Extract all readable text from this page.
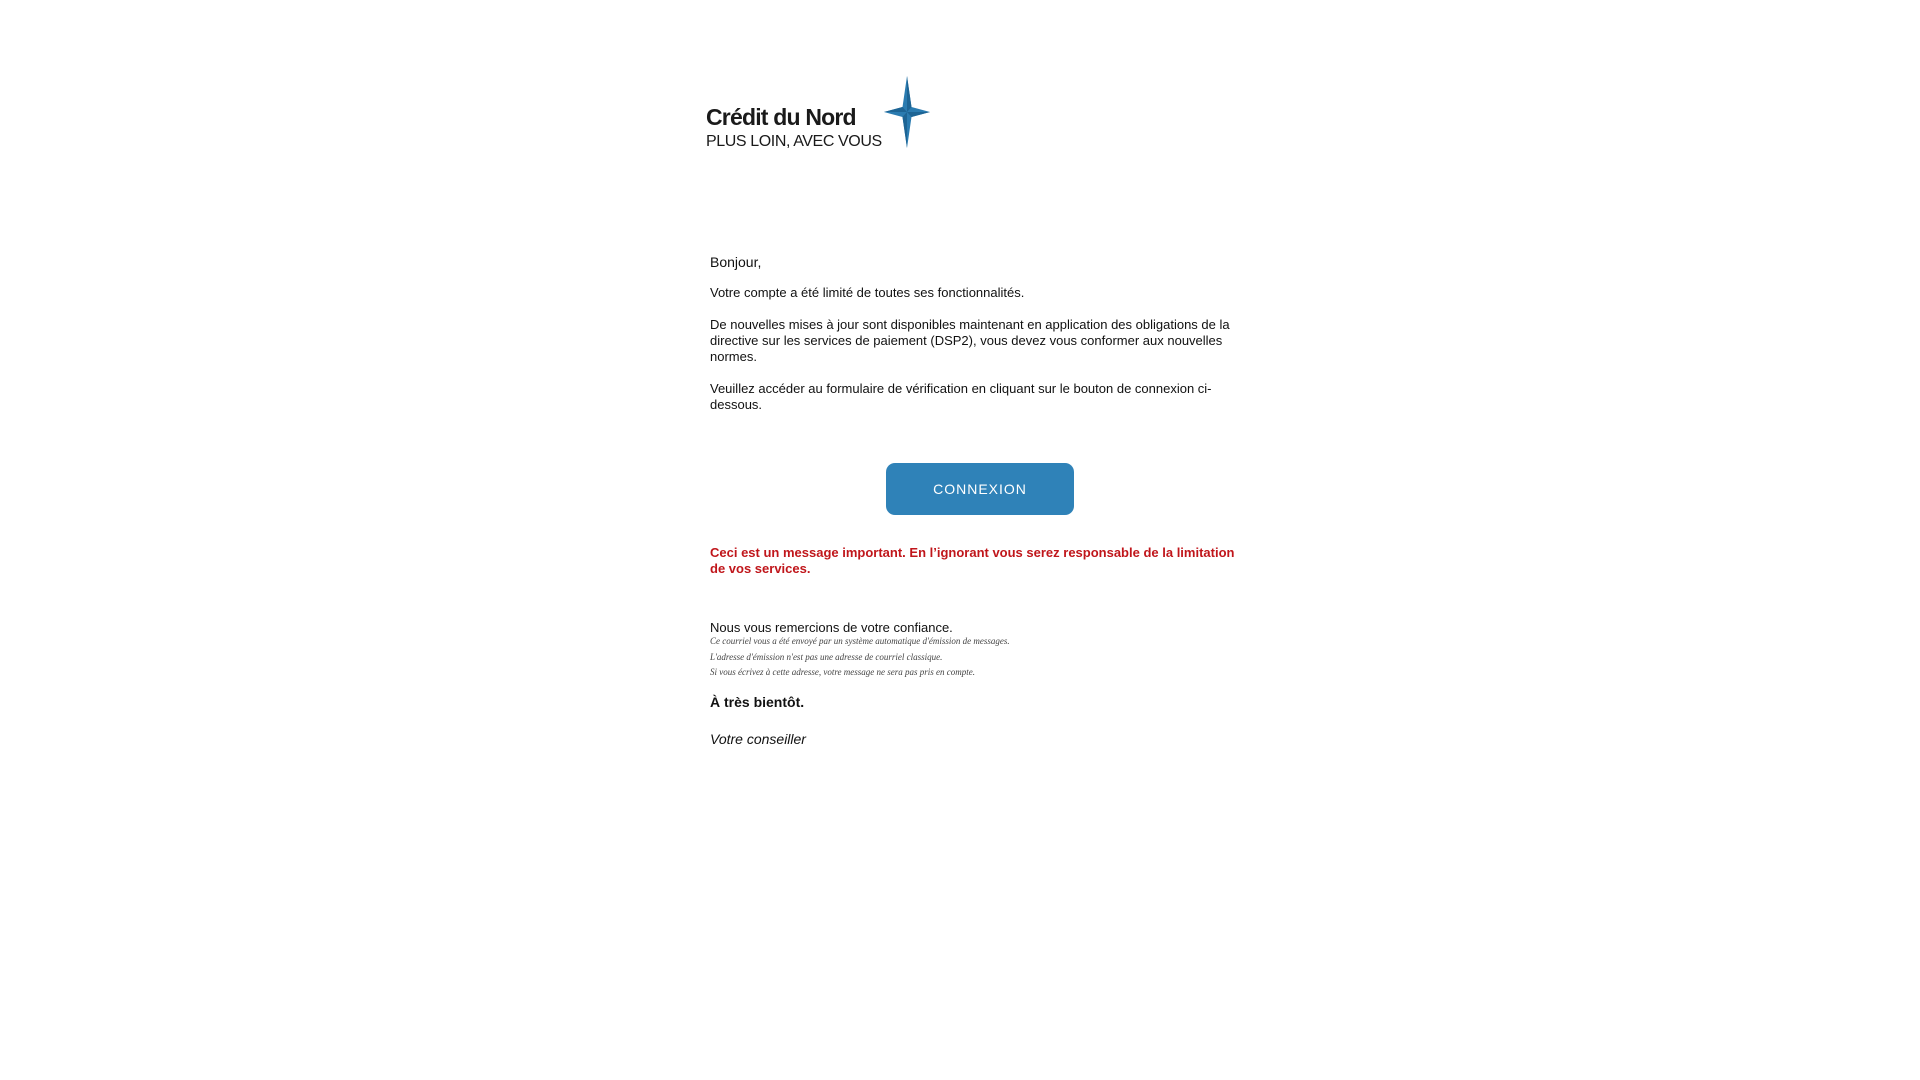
Crédit du Nord
PLUS LOIN, AVEC VOUS

Bonjour,

Votre compte a été limité de toutes ses fonctionnalités.

De nouvelles mises à jour sont disponibles maintenant en application des obligations de la directive sur les services de paiement (DSP2), vous devez vous conformer aux nouvelles normes.

Veuillez accéder au formulaire de vérification en cliquant sur le bouton de connexion ci-dessous.

CONNEXION

Ceci est un message important. En l’ignorant vous serez responsable de la limitation de vos services.

Nous vous remercions de votre confiance.

Ce courriel vous a été envoyé par un système automatique d'émission de messages.
L'adresse d'émission n'est pas une adresse de courriel classique.
Si vous écrivez à cette adresse, votre message ne sera pas pris en compte.

À très bientôt.

Votre conseiller
